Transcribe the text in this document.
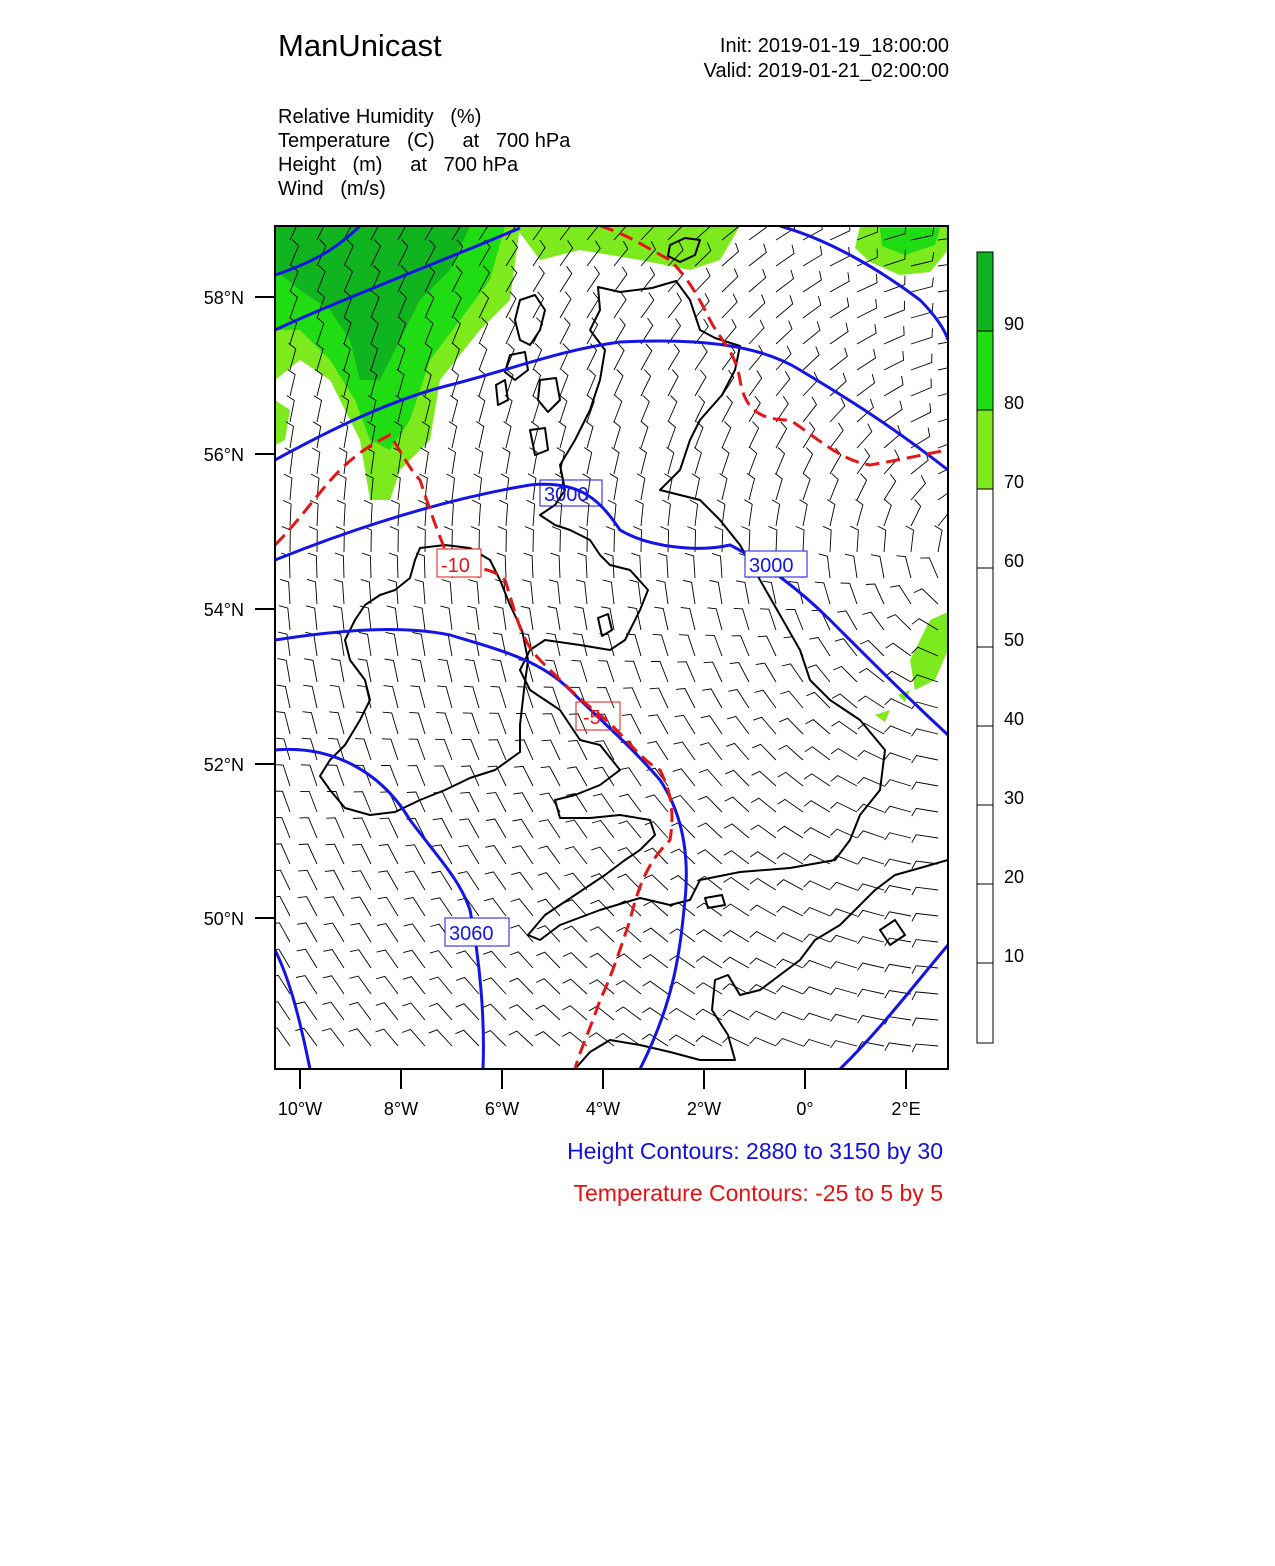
ManUnicast	Init: 2019-01-19_18:00:00
Valid: 2019-01-21_02:00:00
Relative Humidity   (%)
Temperature   (C)     at   700 hPa
Height   (m)     at   700 hPa
Wind   (m/s)
3000
3000
3060
-10
-5
58°N
56°N
54°N
52°N
50°N
10°W	8°W	6°W	4°W	2°W	0°	2°E
90
80
70
60
50
40
30
20
10
Height Contours: 2880 to 3150 by 30
Temperature Contours: -25 to 5 by 5
